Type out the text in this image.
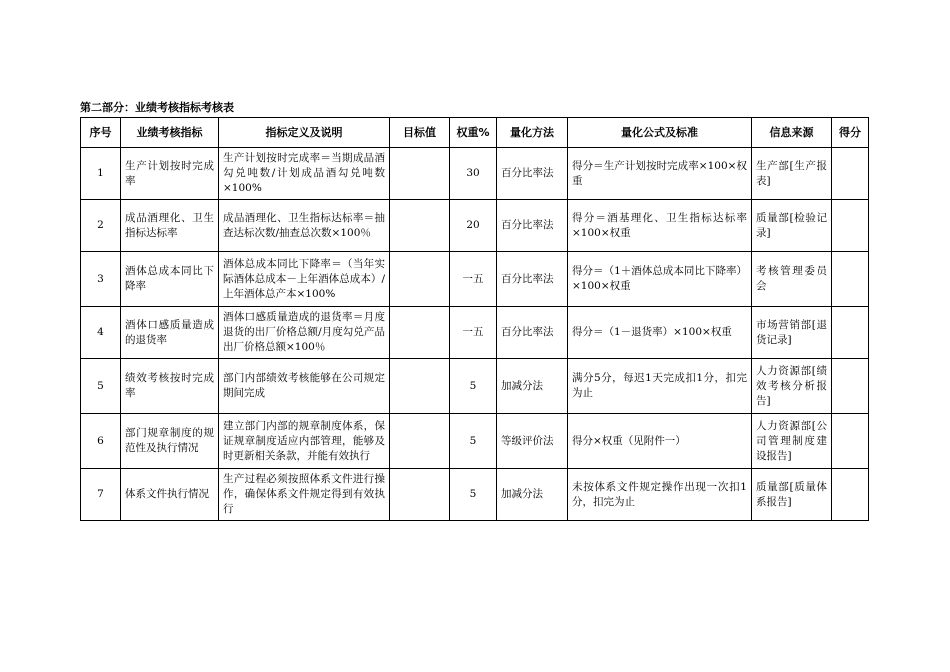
第二部分：业绩考核指标考核表
序号	业绩考核指标	指标定义及说明	目标值	权重%	量化方法	量化公式及标准	信息来源	得分
1	生产计划按时完成率	生产计划按时完成率＝当期成品酒勾兑吨数/计划成品酒勾兑吨数×100%		30	百分比率法	得分＝生产计划按时完成率×100×权重	生产部[生产报表]	
2	成品酒理化、卫生指标达标率	成品酒理化、卫生指标达标率＝抽查达标次数/抽查总次数×100％		20	百分比率法	得分＝酒基理化、卫生指标达标率×100×权重	质量部[检验记录]	
3	酒体总成本同比下降率	酒体总成本同比下降率＝（当年实际酒体总成本－上年酒体总成本）/上年酒体总产本×100%		一五	百分比率法	得分＝（1＋酒体总成本同比下降率）×100×权重	考核管理委员会	
4	酒体口感质量造成的退货率	酒体口感质量造成的退货率＝月度退货的出厂价格总额/月度勾兑产品出厂价格总额×100％		一五	百分比率法	得分＝（1－退货率）×100×权重	市场营销部[退货记录]	
5	绩效考核按时完成率	部门内部绩效考核能够在公司规定期间完成		5	加减分法	满分5分，每迟1天完成扣1分，扣完为止	人力资源部[绩效考核分析报告]	
6	部门规章制度的规范性及执行情况	建立部门内部的规章制度体系，保证规章制度适应内部管理，能够及时更新相关条款，并能有效执行		5	等级评价法	得分×权重（见附件一）	人力资源部[公司管理制度建设报告]	
7	体系文件执行情况	生产过程必须按照体系文件进行操作，确保体系文件规定得到有效执行		5	加减分法	未按体系文件规定操作出现一次扣1分，扣完为止	质量部[质量体系报告]	
